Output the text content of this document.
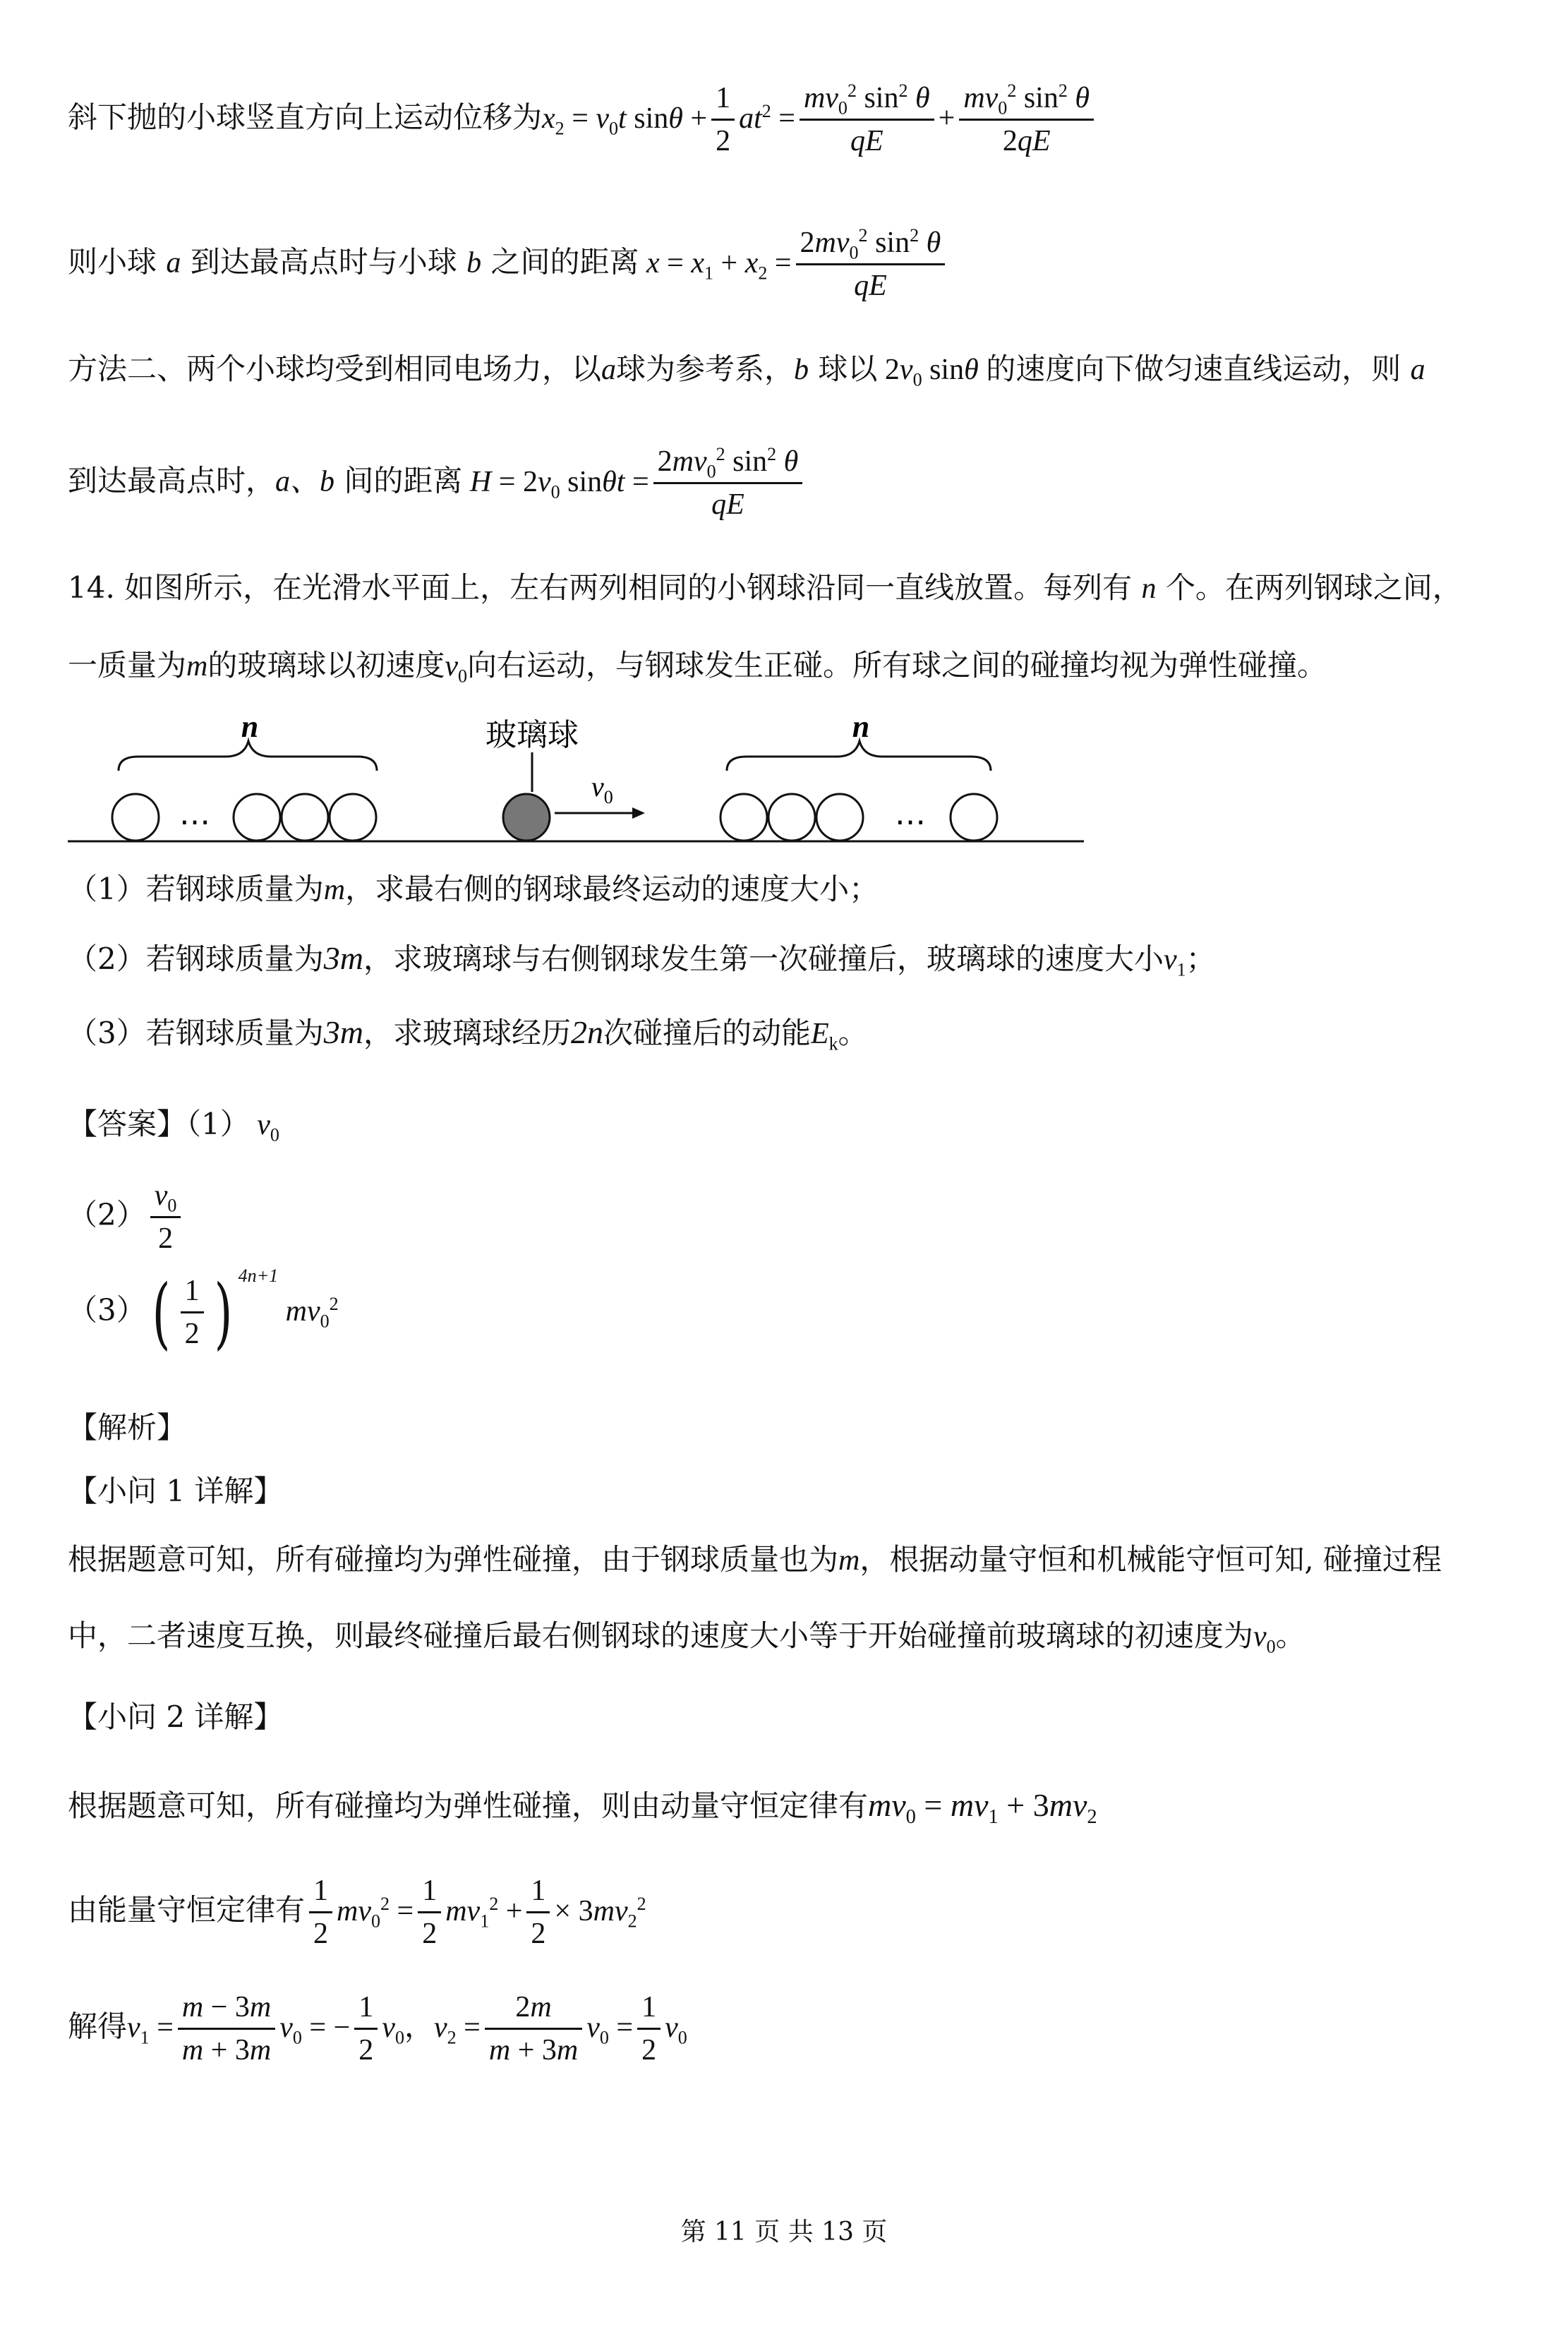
斜下抛的小球竖直方向上运动位移为$x_2 = v_0t$ $\sin\theta + \frac{1}{2} at^2 = \frac{mv_0^2 \sin^2 \theta}{qE} + \frac{mv_0^2 \sin^2 \theta}{2qE}$
则小球 a 到达最高点时与小球 b 之间的距离 $x = x_1 + x_2 = \frac{2mv_0^2 \sin^2 \theta}{qE}$
方法二、两个小球均受到相同电场力，以a球为参考系，b 球以 $2v_0$ sinθ 的速度向下做匀速直线运动，则 a
到达最高点时，a、b 间的距离 $H = 2v_0$ $\sin\theta t = \frac{2mv_0^2 \sin^2 \theta}{qE}$
14. 如图所示，在光滑水平面上，左右两列相同的小钢球沿同一直线放置。每列有 n 个。在两列钢球之间，
一质量为m的玻璃球以初速度$v_0$向右运动，与钢球发生正碰。所有球之间的碰撞均视为弹性碰撞。
n
…
玻璃球
$v_0$
n
…
（1）若钢球质量为m，求最右侧的钢球最终运动的速度大小；
（2）若钢球质量为3m，求玻璃球与右侧钢球发生第一次碰撞后，玻璃球的速度大小$v_1$；
（3）若钢球质量为3m，求玻璃球经历2n次碰撞后的动能$E_k$。
【答案】（1） $v_0$
$(2) \frac{v_0}{2}$
$(3)( \frac{1}{2}$ ) $^{4n+1}$ $mv_0^2$
【解析】
【小问 1 详解】
根据题意可知，所有碰撞均为弹性碰撞，由于钢球质量也为m，根据动量守恒和机械能守恒可知, 碰撞过程
中，二者速度互换，则最终碰撞后最右侧钢球的速度大小等于开始碰撞前玻璃球的初速度为$v_0$。
【小问 2 详解】
根据题意可知，所有碰撞均为弹性碰撞，则由动量守恒定律有$mv_0 = mv_1 + 3mv_2$
由能量守恒定律有 $\frac{1}{2} mv_0^2 = \frac{1}{2} mv_1^2 + \frac{1}{2} \times 3mv_2^2$
解得$v_1 = \frac{m - 3m}{m + 3m} v_0$ = − $\frac{1}{2} v_0$，$v_2 = \frac{2m}{m + 3m} v_0 = \frac{1}{2} v_0$
第 11 页 共 13 页
